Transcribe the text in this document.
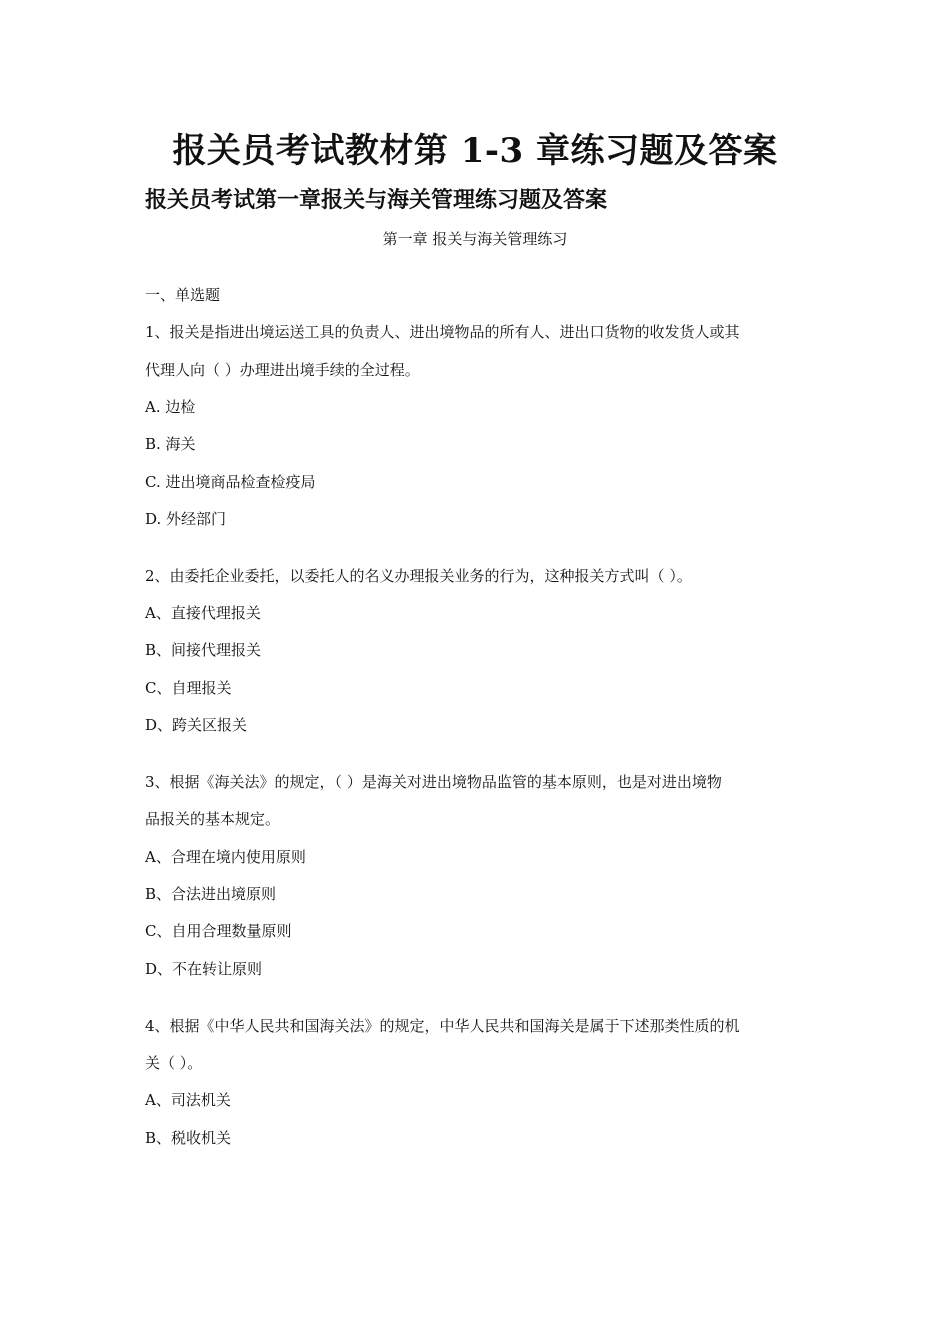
报关员考试教材第 1-3 章练习题及答案
报关员考试第一章报关与海关管理练习题及答案
第一章 报关与海关管理练习
一、单选题
1、报关是指进出境运送工具的负责人、进出境物品的所有人、进出口货物的收发货人或其
代理人向（ ）办理进出境手续的全过程。
A. 边检
B. 海关
C. 进出境商品检查检疫局
D. 外经部门
2、由委托企业委托，以委托人的名义办理报关业务的行为，这种报关方式叫（ ）。
A、直接代理报关
B、间接代理报关
C、自理报关
D、跨关区报关
3、根据《海关法》的规定，（ ）是海关对进出境物品监管的基本原则，也是对进出境物
品报关的基本规定。
A、合理在境内使用原则
B、合法进出境原则
C、自用合理数量原则
D、不在转让原则
4、根据《中华人民共和国海关法》的规定，中华人民共和国海关是属于下述那类性质的机
关（ ）。
A、司法机关
B、税收机关
